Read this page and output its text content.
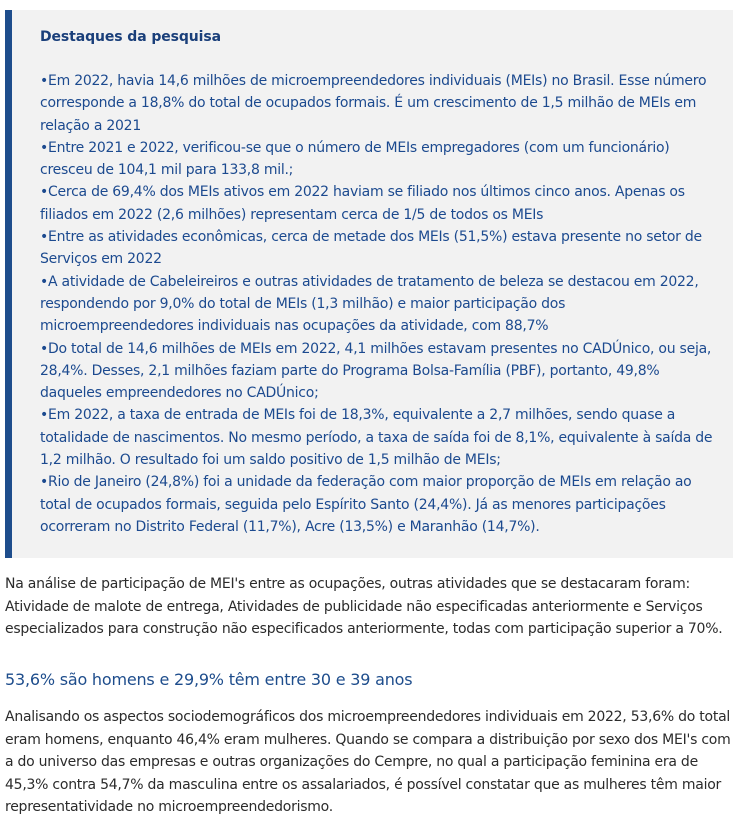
Destaques da pesquisa
•Em 2022, havia 14,6 milhões de microempreendedores individuais (MEIs) no Brasil. Esse número corresponde a 18,8% do total de ocupados formais. É um crescimento de 1,5 milhão de MEIs em relação a 2021
•Entre 2021 e 2022, verificou-se que o número de MEIs empregadores (com um funcionário) cresceu de 104,1 mil para 133,8 mil.;
•Cerca de 69,4% dos MEIs ativos em 2022 haviam se filiado nos últimos cinco anos. Apenas os filiados em 2022 (2,6 milhões) representam cerca de 1/5 de todos os MEIs
•Entre as atividades econômicas, cerca de metade dos MEIs (51,5%) estava presente no setor de Serviços em 2022
•A atividade de Cabeleireiros e outras atividades de tratamento de beleza se destacou em 2022, respondendo por 9,0% do total de MEIs (1,3 milhão) e maior participação dos microempreendedores individuais nas ocupações da atividade, com 88,7%
•Do total de 14,6 milhões de MEIs em 2022, 4,1 milhões estavam presentes no CADÚnico, ou seja, 28,4%. Desses, 2,1 milhões faziam parte do Programa Bolsa-Família (PBF), portanto, 49,8% daqueles empreendedores no CADÚnico;
•Em 2022, a taxa de entrada de MEIs foi de 18,3%, equivalente a 2,7 milhões, sendo quase a totalidade de nascimentos. No mesmo período, a taxa de saída foi de 8,1%, equivalente à saída de 1,2 milhão. O resultado foi um saldo positivo de 1,5 milhão de MEIs;
•Rio de Janeiro (24,8%) foi a unidade da federação com maior proporção de MEIs em relação ao total de ocupados formais, seguida pelo Espírito Santo (24,4%). Já as menores participações ocorreram no Distrito Federal (11,7%), Acre (13,5%) e Maranhão (14,7%).

Na análise de participação de MEI's entre as ocupações, outras atividades que se destacaram foram: Atividade de malote de entrega, Atividades de publicidade não especificadas anteriormente e Serviços especializados para construção não especificados anteriormente, todas com participação superior a 70%.

53,6% são homens e 29,9% têm entre 30 e 39 anos

Analisando os aspectos sociodemográficos dos microempreendedores individuais em 2022, 53,6% do total eram homens, enquanto 46,4% eram mulheres. Quando se compara a distribuição por sexo dos MEI's com a do universo das empresas e outras organizações do Cempre, no qual a participação feminina era de 45,3% contra 54,7% da masculina entre os assalariados, é possível constatar que as mulheres têm maior representatividade no microempreendedorismo.
